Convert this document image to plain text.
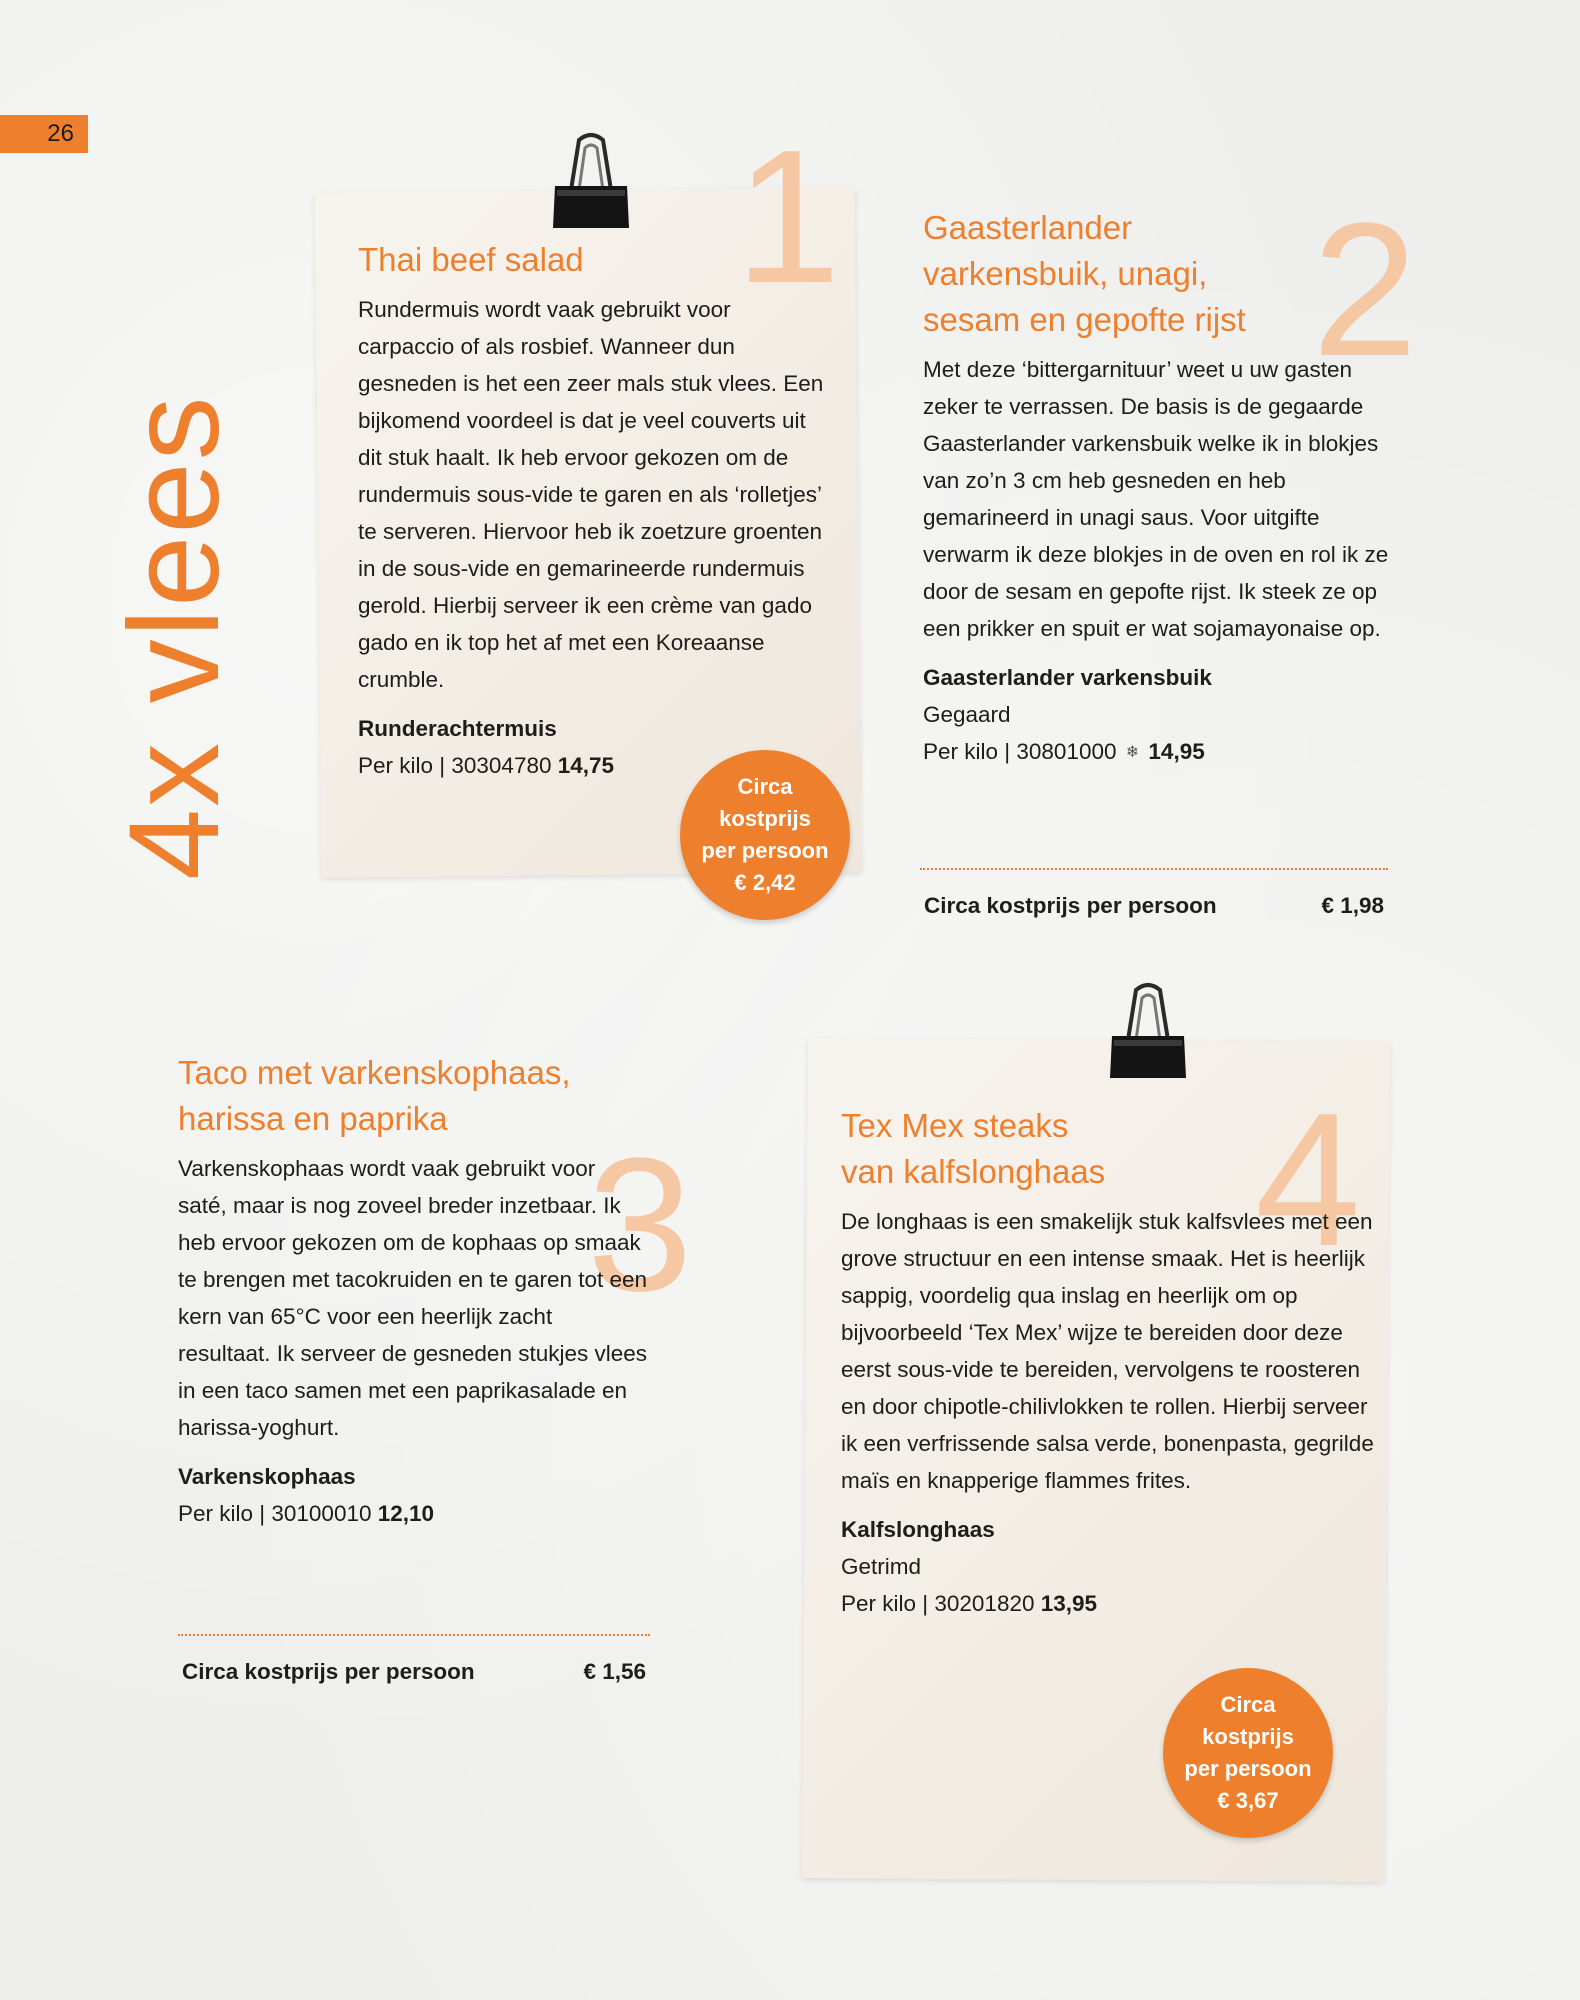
26
4x vlees
1 2
3	4
Thai beef salad

Rundermuis wordt vaak gebruikt voor carpaccio of als rosbief. Wanneer dun gesneden is het een zeer mals stuk vlees. Een bijkomend voordeel is dat je veel couverts uit dit stuk haalt. Ik heb ervoor gekozen om de rundermuis sous-vide te garen en als ‘rolletjes’ te serveren. Hiervoor heb ik zoetzure groenten in de sous-vide en gemarineerde rundermuis gerold. Hierbij serveer ik een crème van gado gado en ik top het af met een Koreaanse crumble.

Runderachtermuis
Per kilo | 30304780 14,75
Circa
kostprijs
per persoon
€ 2,42
Gaasterlander
varkensbuik, unagi,
sesam en gepofte rijst

Met deze ‘bittergarnituur’ weet u uw gasten zeker te verrassen. De basis is de gegaarde Gaasterlander varkensbuik welke ik in blokjes van zo’n 3 cm heb gesneden en heb gemarineerd in unagi saus. Voor uitgifte verwarm ik deze blokjes in de oven en rol ik ze door de sesam en gepofte rijst. Ik steek ze op een prikker en spuit er wat sojamayonaise op.

Gaasterlander varkensbuik
Gegaard
Per kilo | 30801000 ❄ 14,95
Circa kostprijs per persoon	€ 1,98
Taco met varkenskophaas,
harissa en paprika

Varkenskophaas wordt vaak gebruikt voor saté, maar is nog zoveel breder inzetbaar. Ik heb ervoor gekozen om de kophaas op smaak te brengen met tacokruiden en te garen tot een kern van 65°C voor een heerlijk zacht resultaat. Ik serveer de gesneden stukjes vlees in een taco samen met een paprikasalade en harissa-yoghurt.

Varkenskophaas
Per kilo | 30100010 12,10
Circa kostprijs per persoon	€ 1,56
Tex Mex steaks
van kalfslonghaas

De longhaas is een smakelijk stuk kalfsvlees met een grove structuur en een intense smaak. Het is heerlijk sappig, voordelig qua inslag en heerlijk om op bijvoorbeeld ‘Tex Mex’ wijze te bereiden door deze eerst sous-vide te bereiden, vervolgens te roosteren en door chipotle-chilivlokken te rollen. Hierbij serveer ik een verfrissende salsa verde, bonenpasta, gegrilde maïs en knapperige flammes frites.

Kalfslonghaas
Getrimd
Per kilo | 30201820 13,95
Circa
kostprijs
per persoon
€ 3,67
